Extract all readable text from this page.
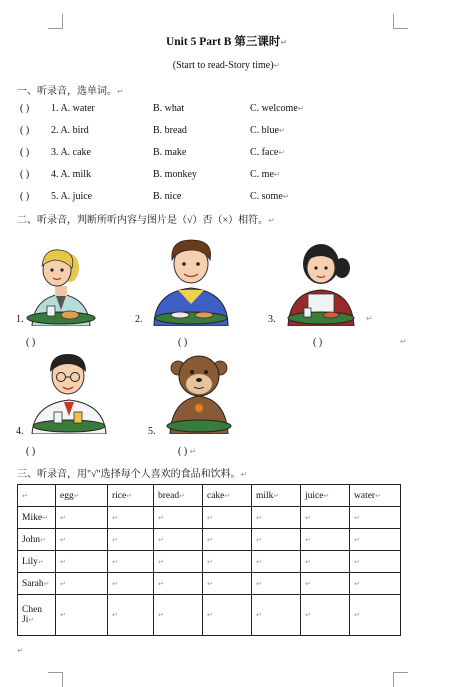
Unit 5 Part B 第三课时↵
(Start to read-Story time)↵
一、听录音，选单词。↵
( ) 1. A. water	B. what	C. welcome↵
( ) 2. A. bird	B. bread	C. blue↵
( ) 3. A. cake	B. make	C. face↵
( ) 4. A. milk	B. monkey	C. me↵
( ) 5. A. juice	B. nice	C. some↵
二、听录音，判断所听内容与图片是（√）否（×）相符。↵
1.	2.	3.	↵
( )	( )	( )	↵
4.	5.
( )	( ) ↵
三、听录音，用"√"选择每个人喜欢的食品和饮料。↵
↵	egg↵	rice↵	bread↵	cake↵	milk↵	juice↵	water↵
Mike↵	↵	↵	↵	↵	↵	↵	↵
John↵	↵	↵	↵	↵	↵	↵	↵
Lily↵	↵	↵	↵	↵	↵	↵	↵
Sarah↵	↵	↵	↵	↵	↵	↵	↵
Chen Ji↵	↵	↵	↵	↵	↵	↵	↵
↵
